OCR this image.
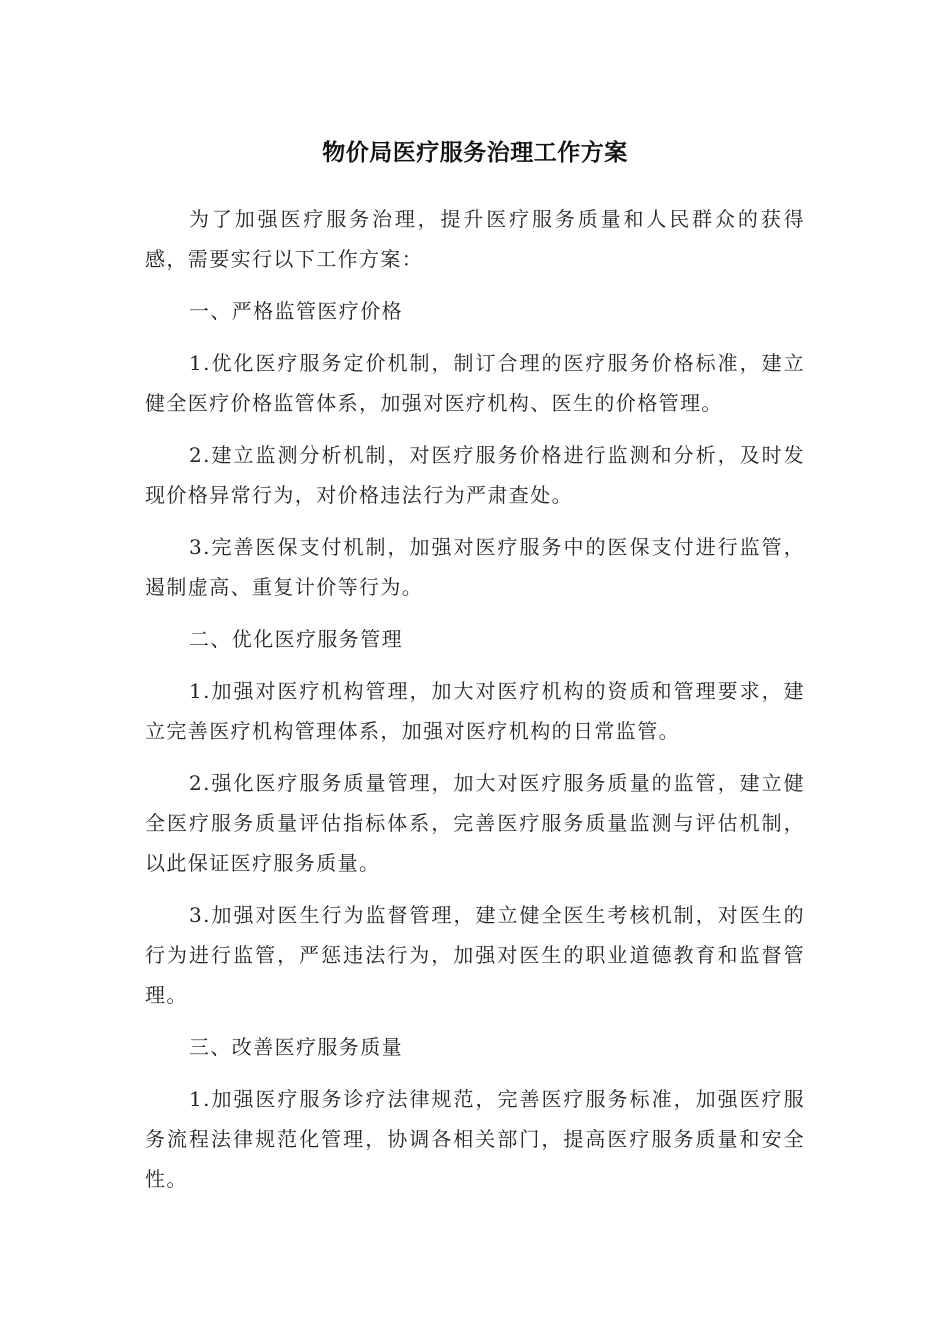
物价局医疗服务治理工作方案

为了加强医疗服务治理，提升医疗服务质量和人民群众的获得感，需要实行以下工作方案：

一、严格监管医疗价格

1.优化医疗服务定价机制，制订合理的医疗服务价格标准，建立健全医疗价格监管体系，加强对医疗机构、医生的价格管理。

2.建立监测分析机制，对医疗服务价格进行监测和分析，及时发现价格异常行为，对价格违法行为严肃查处。

3.完善医保支付机制，加强对医疗服务中的医保支付进行监管，遏制虚高、重复计价等行为。

二、优化医疗服务管理

1.加强对医疗机构管理，加大对医疗机构的资质和管理要求，建立完善医疗机构管理体系，加强对医疗机构的日常监管。

2.强化医疗服务质量管理，加大对医疗服务质量的监管，建立健全医疗服务质量评估指标体系，完善医疗服务质量监测与评估机制，以此保证医疗服务质量。

3.加强对医生行为监督管理，建立健全医生考核机制，对医生的行为进行监管，严惩违法行为，加强对医生的职业道德教育和监督管理。

三、改善医疗服务质量

1.加强医疗服务诊疗法律规范，完善医疗服务标准，加强医疗服务流程法律规范化管理，协调各相关部门，提高医疗服务质量和安全性。
